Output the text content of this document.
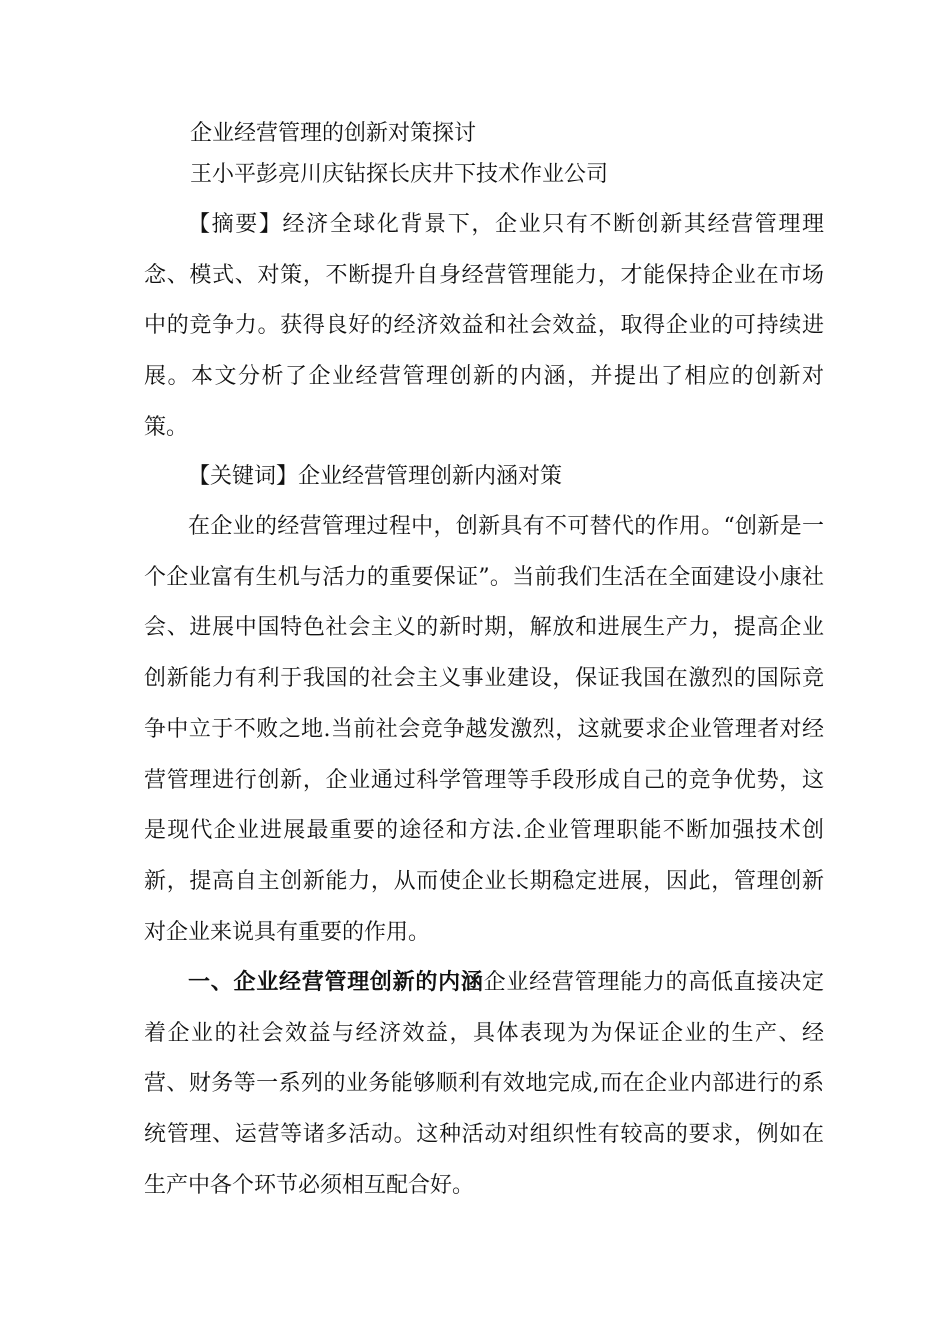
企业经营管理的创新对策探讨
王小平彭亮川庆钻探长庆井下技术作业公司

【摘要】经济全球化背景下，企业只有不断创新其经营管理理念、模式、对策，不断提升自身经营管理能力，才能保持企业在市场中的竞争力。获得良好的经济效益和社会效益，取得企业的可持续进展。本文分析了企业经营管理创新的内涵，并提出了相应的创新对策。

【关键词】企业经营管理创新内涵对策

在企业的经营管理过程中，创新具有不可替代的作用。“创新是一个企业富有生机与活力的重要保证”。当前我们生活在全面建设小康社会、进展中国特色社会主义的新时期，解放和进展生产力，提高企业创新能力有利于我国的社会主义事业建设，保证我国在激烈的国际竞争中立于不败之地.当前社会竞争越发激烈，这就要求企业管理者对经营管理进行创新，企业通过科学管理等手段形成自己的竞争优势，这是现代企业进展最重要的途径和方法.企业管理职能不断加强技术创新，提高自主创新能力，从而使企业长期稳定进展，因此，管理创新对企业来说具有重要的作用。

一、企业经营管理创新的内涵企业经营管理能力的高低直接决定着企业的社会效益与经济效益，具体表现为为保证企业的生产、经营、财务等一系列的业务能够顺利有效地完成,而在企业内部进行的系统管理、运营等诸多活动。这种活动对组织性有较高的要求，例如在生产中各个环节必须相互配合好。
